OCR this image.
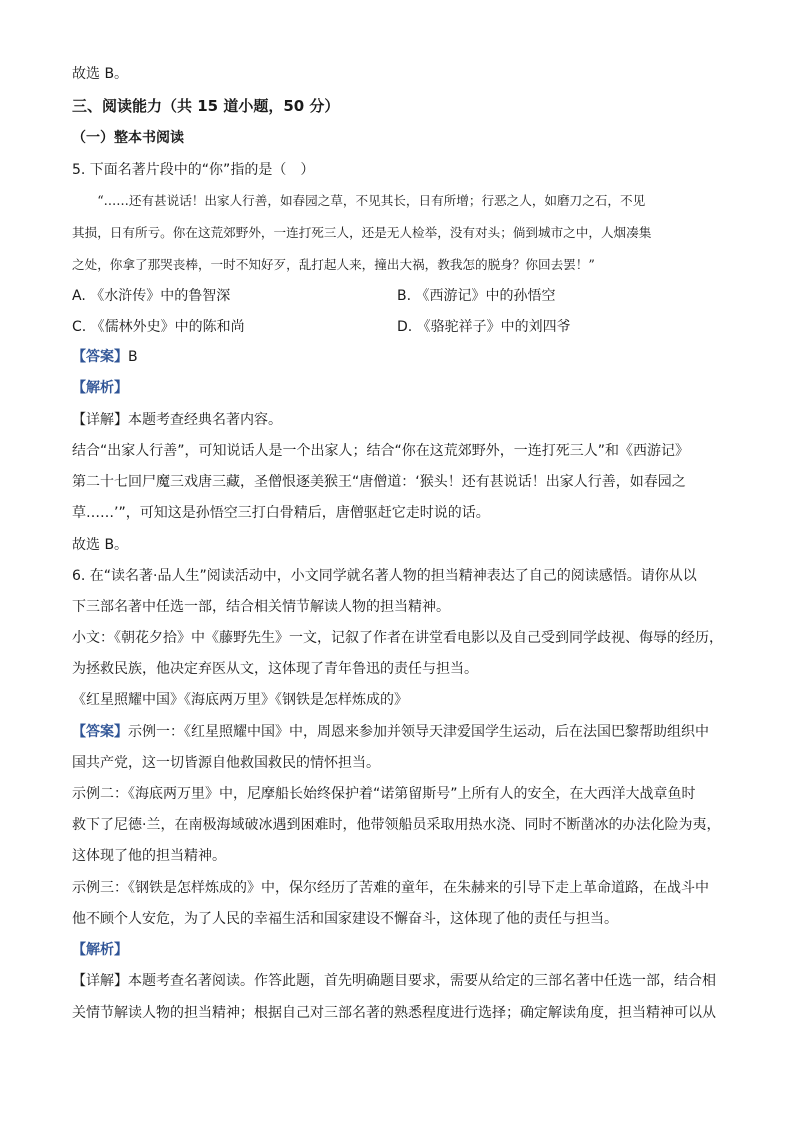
故选 B。
三、阅读能力（共 15 道小题，50 分）
（一）整本书阅读
5. 下面名著片段中的“你”指的是（　）
　　“……还有甚说话！出家人行善，如春园之草，不见其长，日有所增；行恶之人，如磨刀之石，不见
其损，日有所亏。你在这荒郊野外，一连打死三人，还是无人检举，没有对头；倘到城市之中，人烟凑集
之处，你拿了那哭丧棒，一时不知好歹，乱打起人来，撞出大祸，教我怎的脱身？你回去罢！”
A. 《水浒传》中的鲁智深	B. 《西游记》中的孙悟空
C. 《儒林外史》中的陈和尚	D. 《骆驼祥子》中的刘四爷
【答案】B
【解析】
【详解】本题考查经典名著内容。
结合“出家人行善”，可知说话人是一个出家人；结合“你在这荒郊野外，一连打死三人”和《西游记》
第二十七回尸魔三戏唐三藏，圣僧恨逐美猴王“唐僧道：‘猴头！还有甚说话！出家人行善，如春园之
草……’”，可知这是孙悟空三打白骨精后，唐僧驱赶它走时说的话。
故选 B。
6. 在“读名著·品人生”阅读活动中，小文同学就名著人物的担当精神表达了自己的阅读感悟。请你从以
下三部名著中任选一部，结合相关情节解读人物的担当精神。
小文：《朝花夕拾》中《藤野先生》一文，记叙了作者在讲堂看电影以及自己受到同学歧视、侮辱的经历，
为拯救民族，他决定弃医从文，这体现了青年鲁迅的责任与担当。
《红星照耀中国》《海底两万里》《钢铁是怎样炼成的》
【答案】示例一：《红星照耀中国》中，周恩来参加并领导天津爱国学生运动，后在法国巴黎帮助组织中
国共产党，这一切皆源自他救国救民的情怀担当。
示例二：《海底两万里》中，尼摩船长始终保护着“诺第留斯号”上所有人的安全，在大西洋大战章鱼时
救下了尼德·兰，在南极海域破冰遇到困难时，他带领船员采取用热水浇、同时不断凿冰的办法化险为夷，
这体现了他的担当精神。
示例三：《钢铁是怎样炼成的》中，保尔经历了苦难的童年，在朱赫来的引导下走上革命道路，在战斗中
他不顾个人安危，为了人民的幸福生活和国家建设不懈奋斗，这体现了他的责任与担当。
【解析】
【详解】本题考查名著阅读。作答此题，首先明确题目要求，需要从给定的三部名著中任选一部，结合相
关情节解读人物的担当精神；根据自己对三部名著的熟悉程度进行选择；确定解读角度，担当精神可以从
